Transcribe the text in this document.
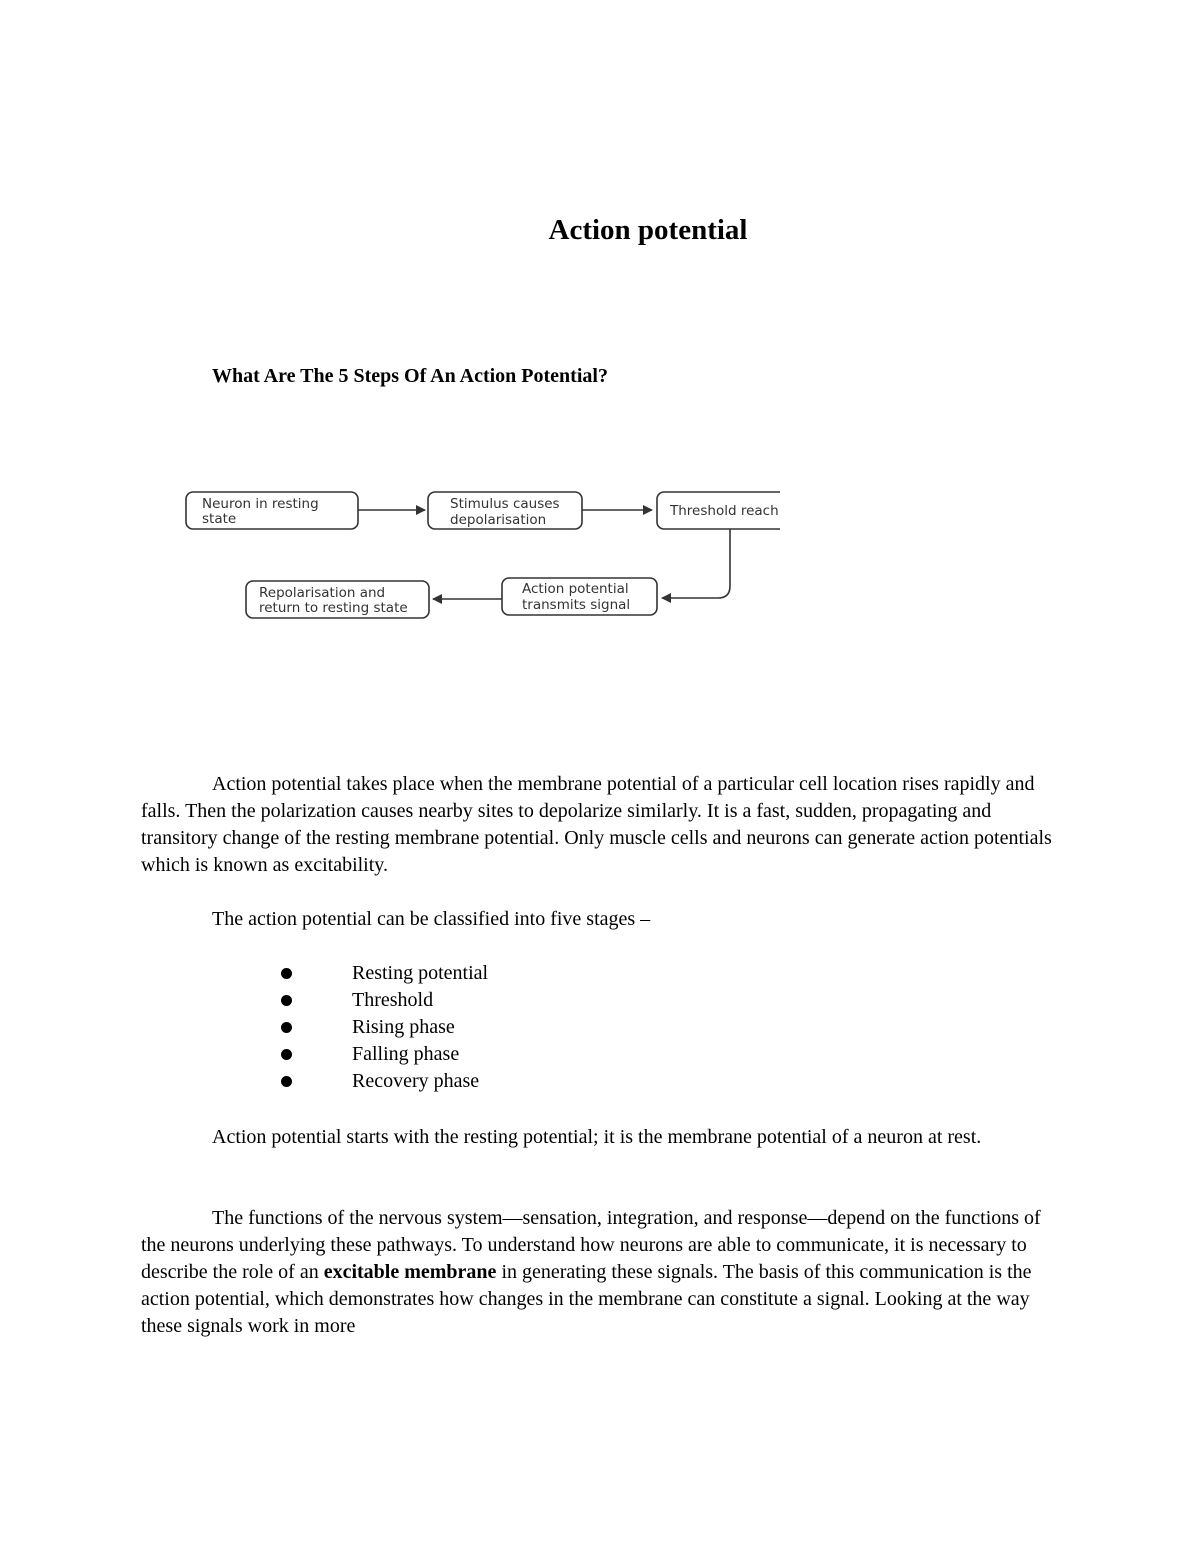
Action potential
What Are The 5 Steps Of An Action Potential?
Neuron in resting
state
Stimulus causes
depolarisation
Threshold reach
Action potential
transmits signal
Repolarisation and
return to resting state

Action potential takes place when the membrane potential of a particular cell location rises rapidly and falls. Then the polarization causes nearby sites to depolarize similarly. It is a fast, sudden, propagating and transitory change of the resting membrane potential. Only muscle cells and neurons can generate action potentials which is known as excitability.

The action potential can be classified into five stages –

Resting potential
Threshold
Rising phase
Falling phase
Recovery phase

Action potential starts with the resting potential; it is the membrane potential of a neuron at rest.

The functions of the nervous system—sensation, integration, and response—depend on the functions of the neurons underlying these pathways. To understand how neurons are able to communicate, it is necessary to describe the role of an excitable membrane in generating these signals. The basis of this communication is the action potential, which demonstrates how changes in the membrane can constitute a signal. Looking at the way these signals work in more
